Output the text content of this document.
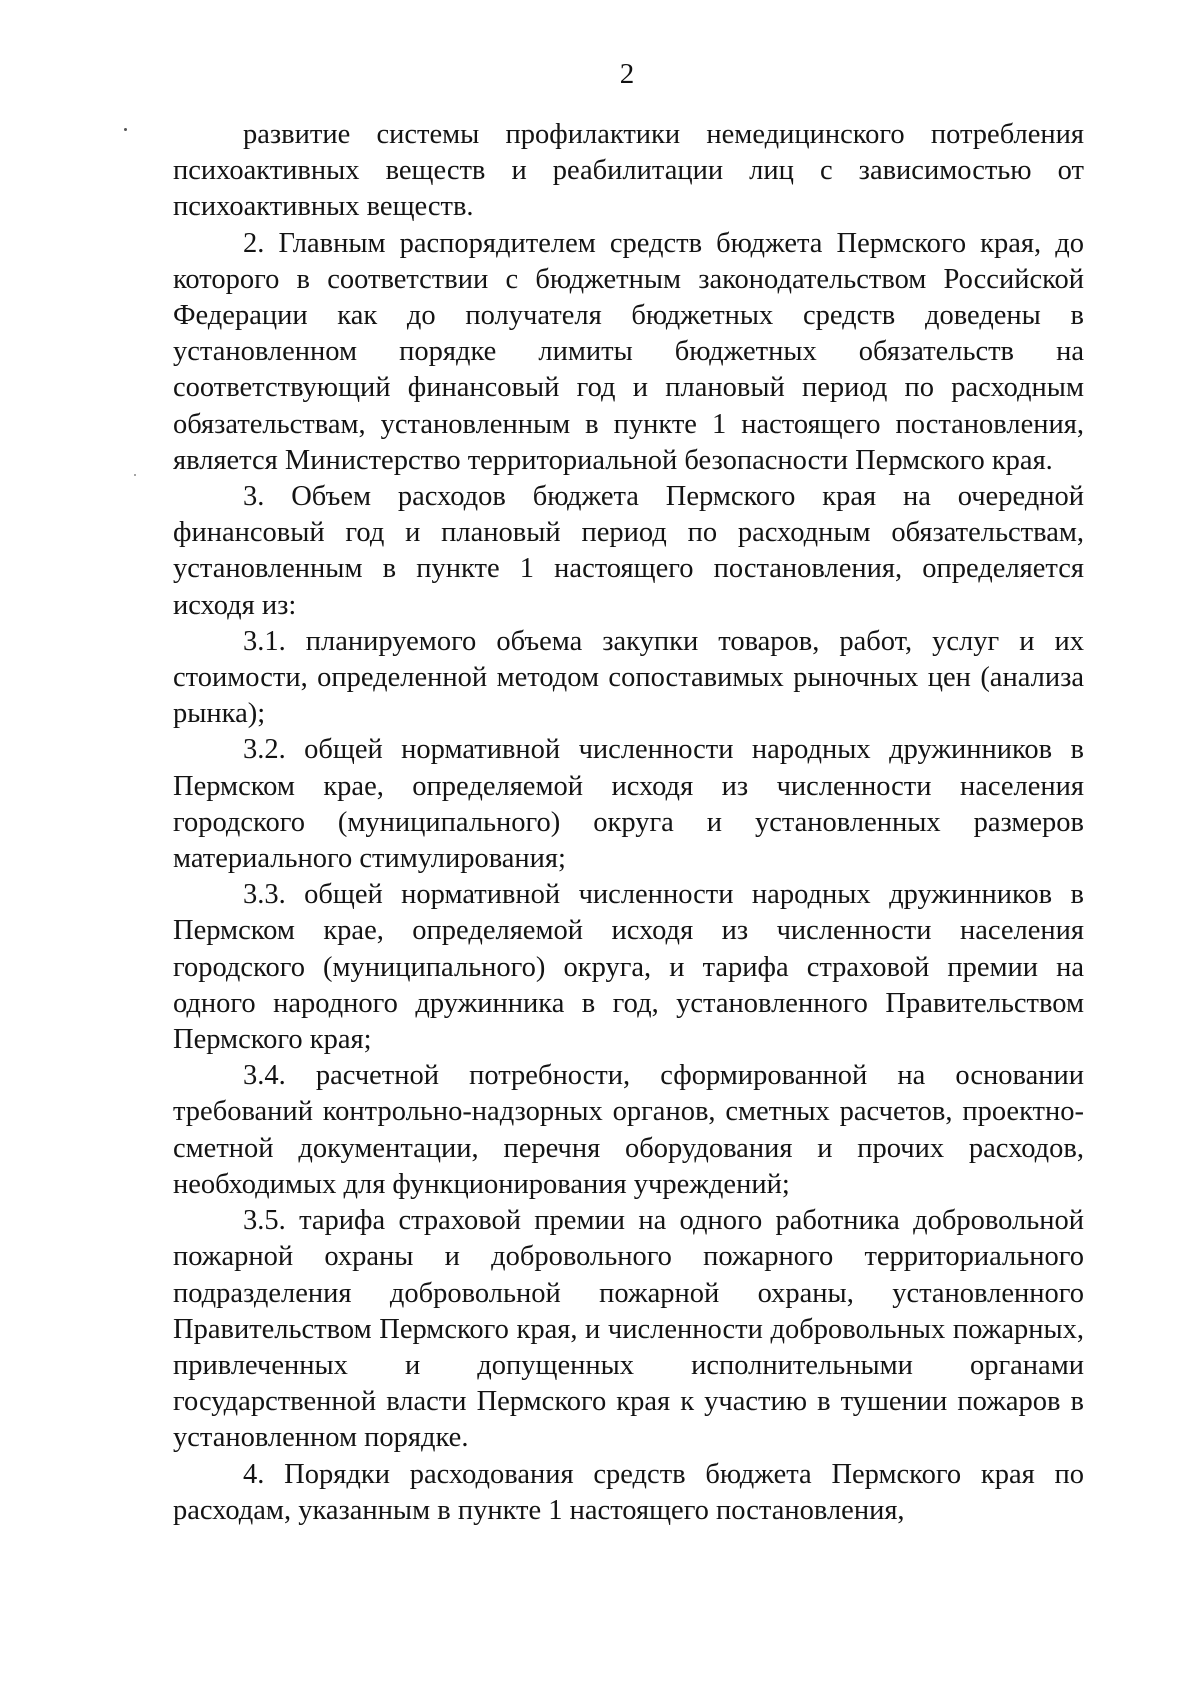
2

развитие системы профилактики немедицинского потребления психоактивных веществ и реабилитации лиц с зависимостью от психоактивных веществ.

2. Главным распорядителем средств бюджета Пермского края, до которого в соответствии с бюджетным законодательством Российской Федерации как до получателя бюджетных средств доведены в установленном порядке лимиты бюджетных обязательств на соответствующий финансовый год и плановый период по расходным обязательствам, установленным в пункте 1 настоящего постановления, является Министерство территориальной безопасности Пермского края.

3. Объем расходов бюджета Пермского края на очередной финансовый год и плановый период по расходным обязательствам, установленным в пункте 1 настоящего постановления, определяется исходя из:

3.1. планируемого объема закупки товаров, работ, услуг и их стоимости, определенной методом сопоставимых рыночных цен (анализа рынка);

3.2. общей нормативной численности народных дружинников в Пермском крае, определяемой исходя из численности населения городского (муниципального) округа и установленных размеров материального стимулирования;

3.3. общей нормативной численности народных дружинников в Пермском крае, определяемой исходя из численности населения городского (муниципального) округа, и тарифа страховой премии на одного народного дружинника в год, установленного Правительством Пермского края;

3.4. расчетной потребности, сформированной на основании требований контрольно-надзорных органов, сметных расчетов, проектно-сметной документации, перечня оборудования и прочих расходов, необходимых для функционирования учреждений;

3.5. тарифа страховой премии на одного работника добровольной пожарной охраны и добровольного пожарного территориального подразделения добровольной пожарной охраны, установленного Правительством Пермского края, и численности добровольных пожарных, привлеченных и допущенных исполнительными органами государственной власти Пермского края к участию в тушении пожаров в установленном порядке.

4. Порядки расходования средств бюджета Пермского края по расходам, указанным в пункте 1 настоящего постановления,
